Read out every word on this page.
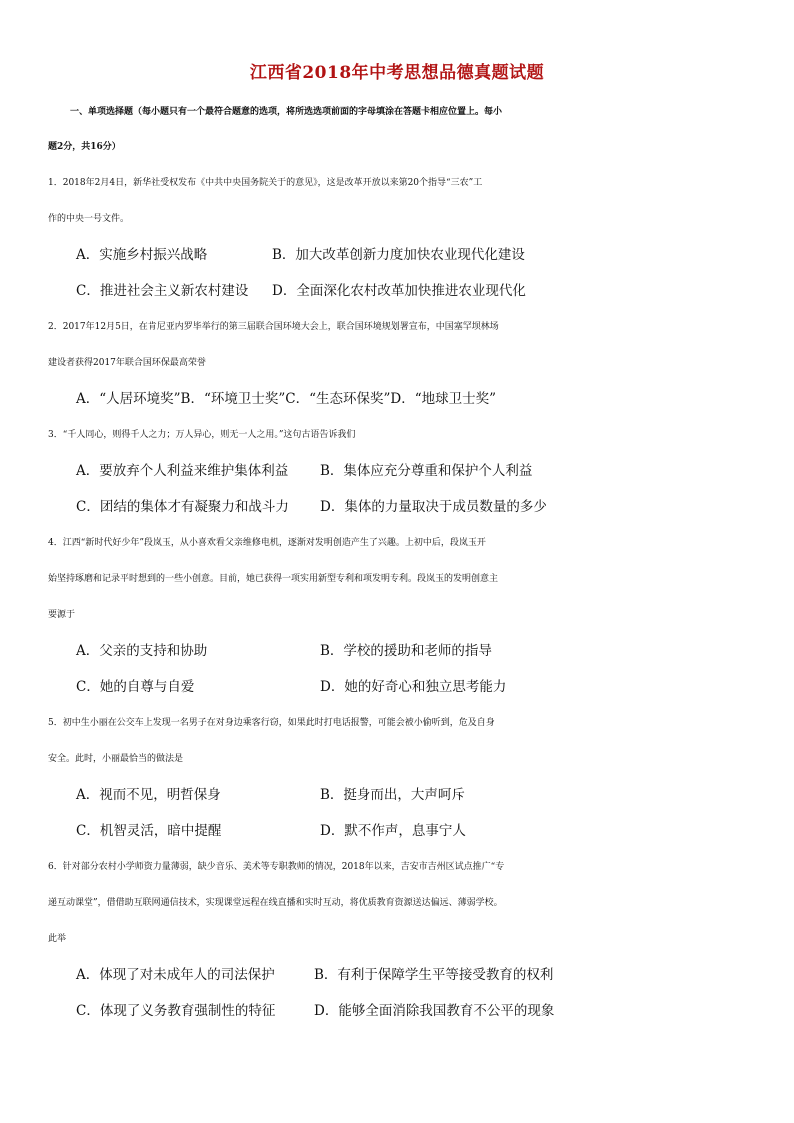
江西省2018年中考思想品德真题试题
一、单项选择题（每小题只有一个最符合题意的选项，将所选选项前面的字母填涂在答题卡相应位置上。每小
题2分，共16分）
1．2018年2月4日，新华社受权发布《中共中央国务院关于的意见》，这是改革开放以来第20个指导“三农”工
作的中央一号文件。
A．实施乡村振兴战略	B．加大改革创新力度加快农业现代化建设
C．推进社会主义新农村建设 D．全面深化农村改革加快推进农业现代化
2．2017年12月5日，在肯尼亚内罗毕举行的第三届联合国环境大会上，联合国环境规划署宣布，中国塞罕坝林场
建设者获得2017年联合国环保最高荣誉
A．“人居环境奖”B．“环境卫士奖”C．“生态环保奖”D．“地球卫士奖”
3．“千人同心，则得千人之力；万人异心，则无一人之用。”这句古语告诉我们
A．要放弃个人利益来维护集体利益 B．集体应充分尊重和保护个人利益
C．团结的集体才有凝聚力和战斗力 D．集体的力量取决于成员数量的多少
4．江西“新时代好少年”段岚玉，从小喜欢看父亲维修电机，逐渐对发明创造产生了兴趣。上初中后，段岚玉开
始坚持琢磨和记录平时想到的一些小创意。目前，她已获得一项实用新型专利和项发明专利。段岚玉的发明创意主
要源于
A．父亲的支持和协助	B．学校的援助和老师的指导
C．她的自尊与自爱	D．她的好奇心和独立思考能力
5．初中生小丽在公交车上发现一名男子在对身边乘客行窃，如果此时打电话报警，可能会被小偷听到，危及自身
安全。此时，小丽最恰当的做法是
A．视而不见，明哲保身	B．挺身而出，大声呵斥
C．机智灵活，暗中提醒	D．默不作声，息事宁人
6．针对部分农村小学师资力量薄弱，缺少音乐、美术等专职教师的情况，2018年以来，吉安市吉州区试点推广“专
递互动课堂”，借借助互联网通信技术，实现课堂远程在线直播和实时互动，将优质教育资源送达偏远、薄弱学校。
此举
A．体现了对未成年人的司法保护	B．有利于保障学生平等接受教育的权利
C．体现了义务教育强制性的特征	D．能够全面消除我国教育不公平的现象
